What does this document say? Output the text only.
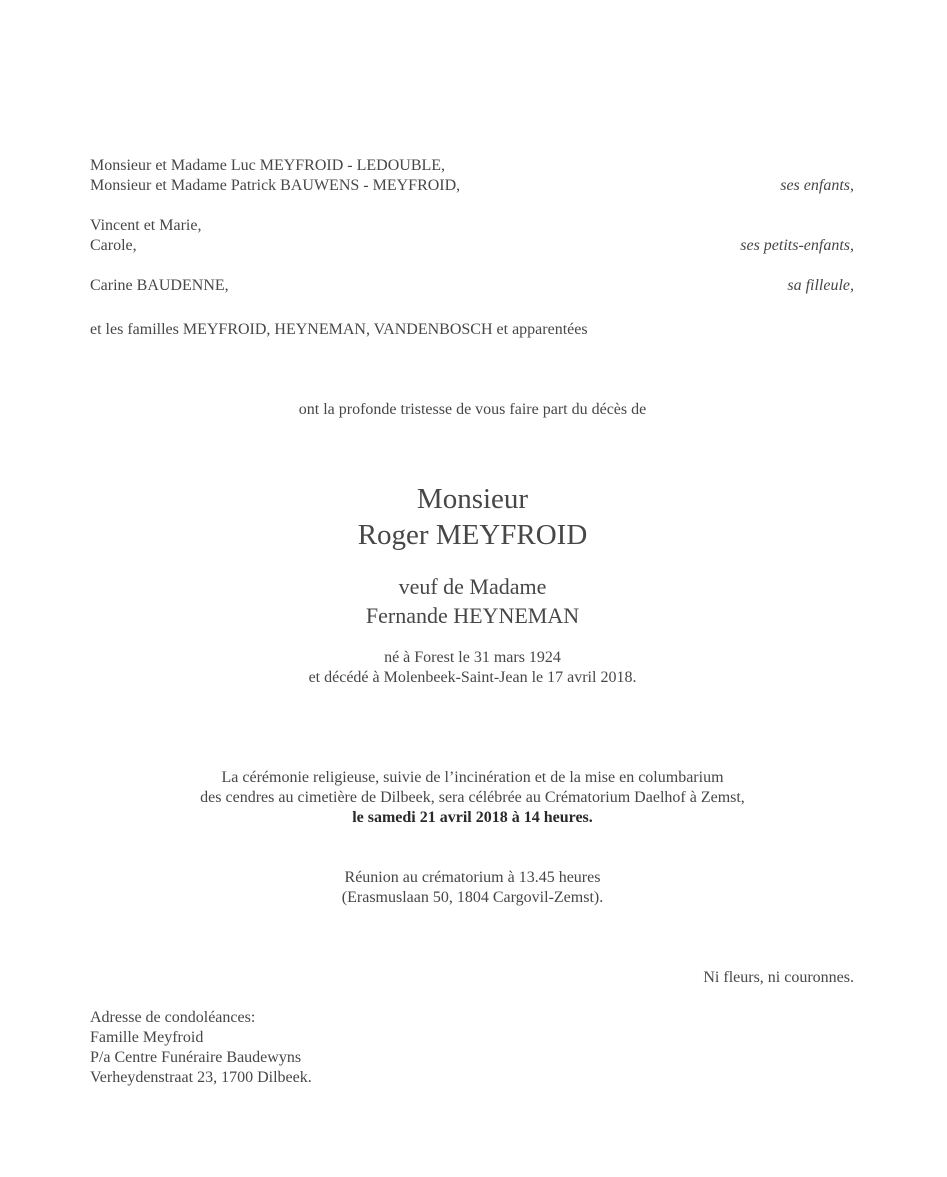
Monsieur et Madame Luc MEYFROID - LEDOUBLE,
Monsieur et Madame Patrick BAUWENS - MEYFROID,	ses enfants,
Vincent et Marie,
Carole,	ses petits-enfants,
Carine BAUDENNE,	sa filleule,
et les familles MEYFROID, HEYNEMAN, VANDENBOSCH et apparentées
ont la profonde tristesse de vous faire part du décès de
Monsieur
Roger MEYFROID
veuf de Madame
Fernande HEYNEMAN
né à Forest le 31 mars 1924
et décédé à Molenbeek-Saint-Jean le 17 avril 2018.
La cérémonie religieuse, suivie de l’incinération et de la mise en columbarium
des cendres au cimetière de Dilbeek, sera célébrée au Crématorium Daelhof à Zemst,
le samedi 21 avril 2018 à 14 heures.
Réunion au crématorium à 13.45 heures
(Erasmuslaan 50, 1804 Cargovil-Zemst).
Ni fleurs, ni couronnes.
Adresse de condoléances:
Famille Meyfroid
P/a Centre Funéraire Baudewyns
Verheydenstraat 23, 1700 Dilbeek.
